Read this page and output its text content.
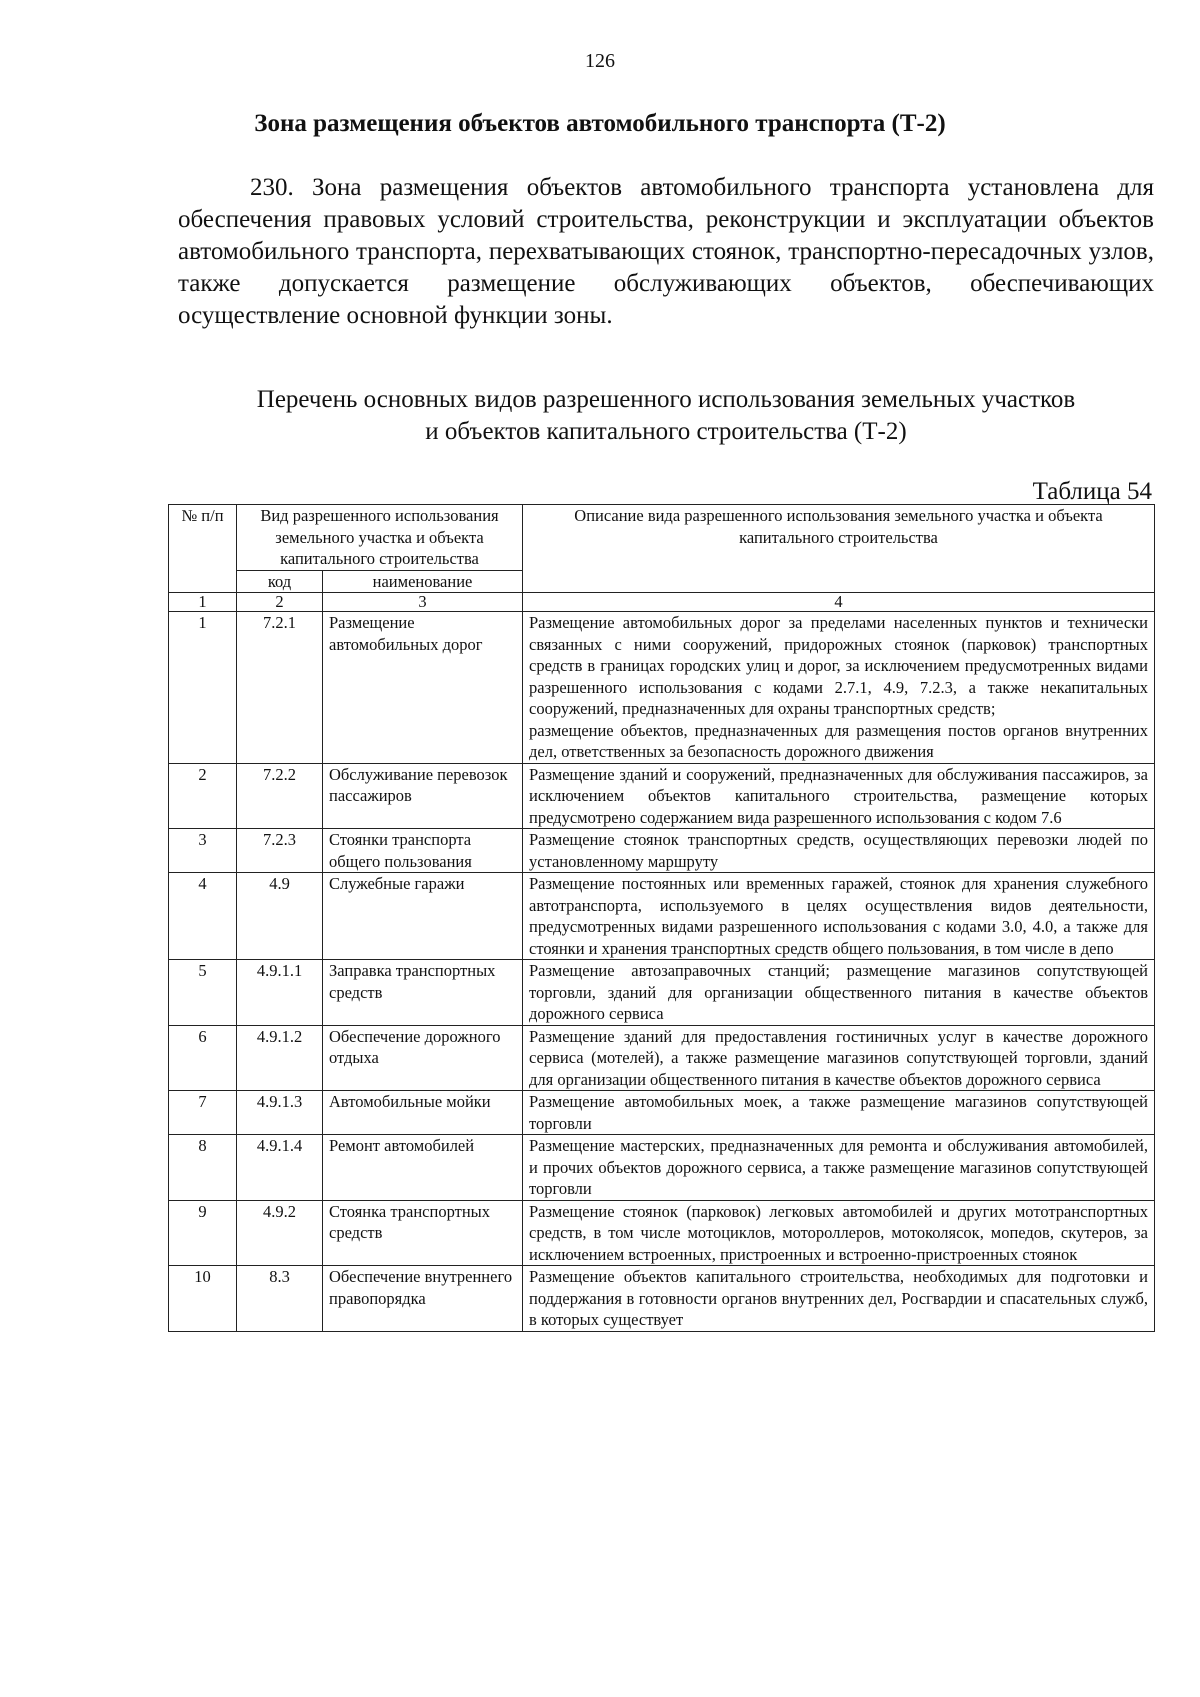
126
Зона размещения объектов автомобильного транспорта (Т-2)

230. Зона размещения объектов автомобильного транспорта установлена для обеспечения правовых условий строительства, реконструкции и эксплуатации объектов автомобильного транспорта, перехватывающих стоянок, транспортно-пересадочных узлов, также допускается размещение обслуживающих объектов, обеспечивающих осуществление основной функции зоны.

Перечень основных видов разрешенного использования земельных участков
и объектов капитального строительства (Т-2)
Таблица 54
№ п/п	Вид разрешенного использования земельного участка и объекта капитального строительства		Описание вида разрешенного использования земельного участка и объекта капитального строительства
	код	наименование	
1	2	3	4
1	7.2.1	Размещение автомобильных дорог	Размещение автомобильных дорог за пределами населенных пунктов и технически связанных с ними сооружений, придорожных стоянок (парковок) транспортных средств в границах городских улиц и дорог, за исключением предусмотренных видами разрешенного использования с кодами 2.7.1, 4.9, 7.2.3, а также некапитальных сооружений, предназначенных для охраны транспортных средств;
размещение объектов, предназначенных для размещения постов органов внутренних дел, ответственных за безопасность дорожного движения

2	7.2.2	Обслуживание перевозок пассажиров	Размещение зданий и сооружений, предназначенных для обслуживания пассажиров, за исключением объектов капитального строительства, размещение которых предусмотрено содержанием вида разрешенного использования с кодом 7.6

3	7.2.3	Стоянки транспорта общего пользования	Размещение стоянок транспортных средств, осуществляющих перевозки людей по установленному маршруту

4	4.9	Служебные гаражи	Размещение постоянных или временных гаражей, стоянок для хранения служебного автотранспорта, используемого в целях осуществления видов деятельности, предусмотренных видами разрешенного использования с кодами 3.0, 4.0, а также для стоянки и хранения транспортных средств общего пользования, в том числе в депо

5	4.9.1.1	Заправка транспортных средств	Размещение автозаправочных станций; размещение магазинов сопутствующей торговли, зданий для организации общественного питания в качестве объектов дорожного сервиса

6	4.9.1.2	Обеспечение дорожного отдыха	Размещение зданий для предоставления гостиничных услуг в качестве дорожного сервиса (мотелей), а также размещение магазинов сопутствующей торговли, зданий для организации общественного питания в качестве объектов дорожного сервиса

7	4.9.1.3	Автомобильные мойки	Размещение автомобильных моек, а также размещение магазинов сопутствующей торговли

8	4.9.1.4	Ремонт автомобилей	Размещение мастерских, предназначенных для ремонта и обслуживания автомобилей, и прочих объектов дорожного сервиса, а также размещение магазинов сопутствующей торговли

9	4.9.2	Стоянка транспортных средств	Размещение стоянок (парковок) легковых автомобилей и других мототранспортных средств, в том числе мотоциклов, мотороллеров, мотоколясок, мопедов, скутеров, за исключением встроенных, пристроенных и встроенно-пристроенных стоянок

10	8.3	Обеспечение внутреннего правопорядка	Размещение объектов капитального строительства, необходимых для подготовки и поддержания в готовности органов внутренних дел, Росгвардии и спасательных служб, в которых существует
